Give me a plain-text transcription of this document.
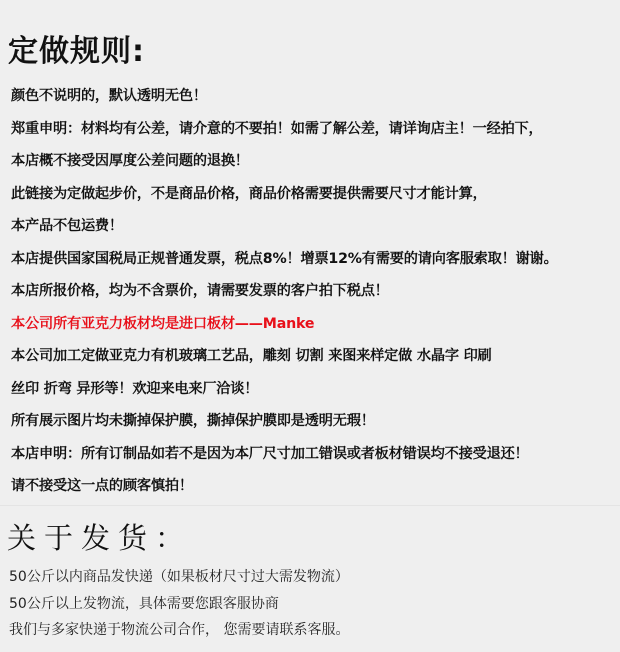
定做规则:
颜色不说明的，默认透明无色！
郑重申明：材料均有公差，请介意的不要拍！如需了解公差，请详询店主！一经拍下，
本店概不接受因厚度公差问题的退换！
此链接为定做起步价，不是商品价格，商品价格需要提供需要尺寸才能计算，
本产品不包运费！
本店提供国家国税局正规普通发票，税点8%！增票12%有需要的请向客服索取！谢谢。
本店所报价格，均为不含票价，请需要发票的客户拍下税点！
本公司所有亚克力板材均是进口板材——Manke
本公司加工定做亚克力有机玻璃工艺品，雕刻 切割 来图来样定做 水晶字 印刷
丝印 折弯 异形等！欢迎来电来厂洽谈！
所有展示图片均未撕掉保护膜，撕掉保护膜即是透明无瑕！
本店申明：所有订制品如若不是因为本厂尺寸加工错误或者板材错误均不接受退还！
请不接受这一点的顾客慎拍！
关于发货：
50公斤以内商品发快递（如果板材尺寸过大需发物流）
50公斤以上发物流，具体需要您跟客服协商
我们与多家快递于物流公司合作， 您需要请联系客服。
